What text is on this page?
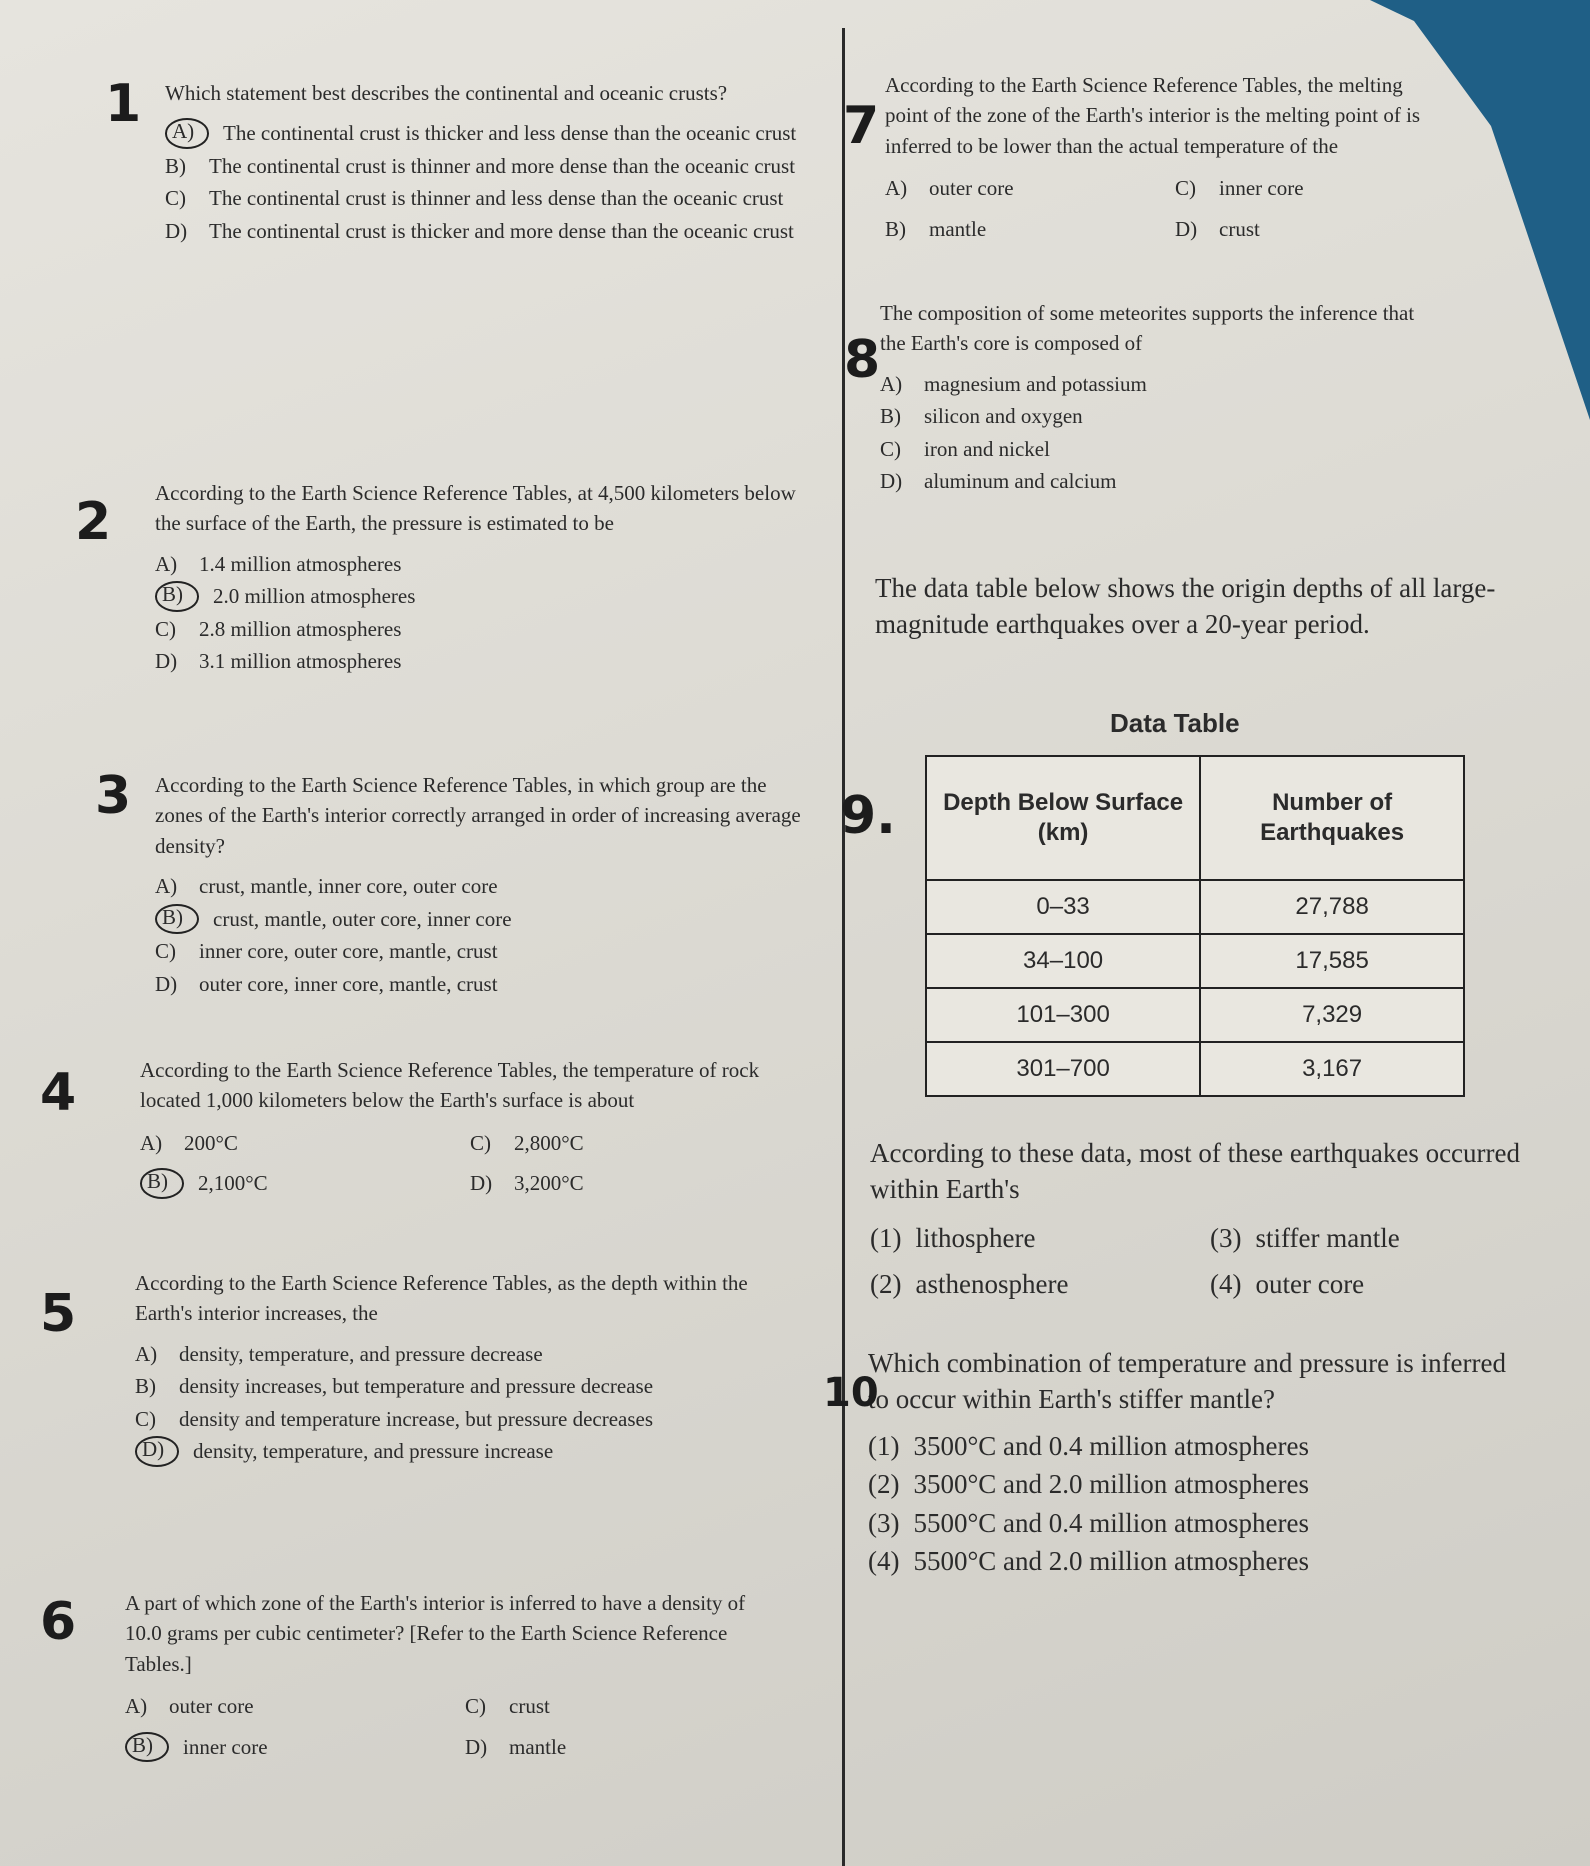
1 Which statement best describes the continental and oceanic crusts?
A)	The continental crust is thicker and less dense than the oceanic crust
B)	The continental crust is thinner and more dense than the oceanic crust
C)	The continental crust is thinner and less dense than the oceanic crust
D)	The continental crust is thicker and more dense than the oceanic crust
2 According to the Earth Science Reference Tables, at 4,500 kilometers below the surface of the Earth, the pressure is estimated to be
A)	1.4 million atmospheres
B)	2.0 million atmospheres
C)	2.8 million atmospheres
D)	3.1 million atmospheres
3 According to the Earth Science Reference Tables, in which group are the zones of the Earth's interior correctly arranged in order of increasing average density?
A)	crust, mantle, inner core, outer core
B)	crust, mantle, outer core, inner core
C)	inner core, outer core, mantle, crust
D)	outer core, inner core, mantle, crust
4	According to the Earth Science Reference Tables, the temperature of rock located 1,000 kilometers below the Earth's surface is about
A)	200°C	C)	2,800°C
B)	2,100°C	D)	3,200°C
5
According to the Earth Science Reference Tables, as the depth within the Earth's interior increases, the
A)	density, temperature, and pressure decrease
B)	density increases, but temperature and pressure decrease
C)	density and temperature increase, but pressure decreases
D)	density, temperature, and pressure increase
6 A part of which zone of the Earth's interior is inferred to have a density of 10.0 grams per cubic centimeter? [Refer to the Earth Science Reference Tables.]
A)	outer core	C)	crust
B)	inner core	D)	mantle
7
According to the Earth Science Reference Tables, the melting point of the zone of the Earth's interior is the melting point of is inferred to be lower than the actual temperature of the
A)	outer core	C)	inner core
B)	mantle	D)	crust
8
The composition of some meteorites supports the inference that the Earth's core is composed of
A)	magnesium and potassium
B)	silicon and oxygen
C)	iron and nickel
D)	aluminum and calcium
The data table below shows the origin depths of all large-magnitude earthquakes over a 20-year period.
Data Table
9. Depth Below Surface (km)	Number of Earthquakes
0–33	27,788
34–100	17,585
101–300	7,329
301–700	3,167
According to these data, most of these earthquakes occurred within Earth's
(1) lithosphere	(3) stiffer mantle
(2) asthenosphere	(4) outer core
10
Which combination of temperature and pressure is inferred to occur within Earth's stiffer mantle?
(1) 3500°C and 0.4 million atmospheres
(2) 3500°C and 2.0 million atmospheres
(3) 5500°C and 0.4 million atmospheres
(4) 5500°C and 2.0 million atmospheres
